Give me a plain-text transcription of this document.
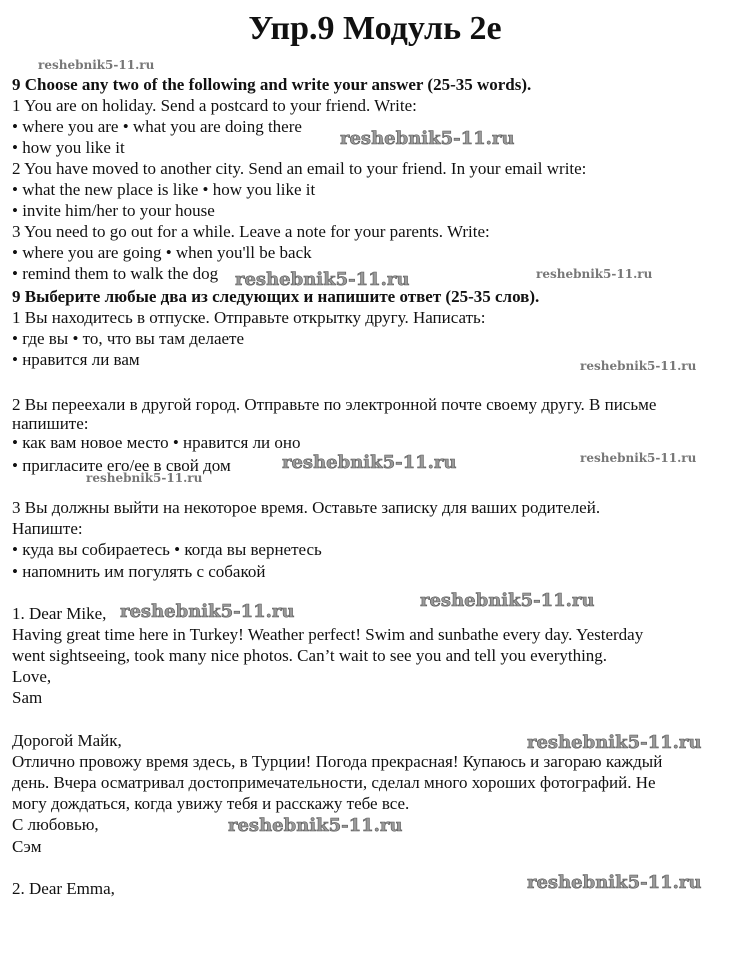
Упр.9 Модуль 2e
9 Choose any two of the following and write your answer (25-35 words).
1 You are on holiday. Send a postcard to your friend. Write:
• where you are • what you are doing there
• how you like it
2 You have moved to another city. Send an email to your friend. In your email write:
• what the new place is like • how you like it
• invite him/her to your house
3 You need to go out for a while. Leave a note for your parents. Write:
• where you are going • when you'll be back
• remind them to walk the dog
9 Выберите любые два из следующих и напишите ответ (25-35 слов).
1 Вы находитесь в отпуске. Отправьте открытку другу. Написать:
• где вы • то, что вы там делаете
• нравится ли вам
2 Вы переехали в другой город. Отправьте по электронной почте своему другу. В письме
напишите:
• как вам новое место • нравится ли оно
• пригласите его/ее в свой дом
3 Вы должны выйти на некоторое время. Оставьте записку для ваших родителей.
Напиште:
• куда вы собираетесь • когда вы вернетесь
• напомнить им погулять с собакой
1. Dear Mike,
Having great time here in Turkey! Weather perfect! Swim and sunbathe every day. Yesterday
went sightseeing, took many nice photos. Can’t wait to see you and tell you everything.
Love,
Sam
Дорогой Майк,
Отлично провожу время здесь, в Турции! Погода прекрасная! Купаюсь и загораю каждый
день. Вчера осматривал достопримечательности, сделал много хороших фотографий. Не
могу дождаться, когда увижу тебя и расскажу тебе все.
С любовью,
Сэм
2. Dear Emma,
reshebnik5-11.ru
reshebnik5-11.ru
reshebnik5-11.ru
reshebnik5-11.ru
reshebnik5-11.ru
reshebnik5-11.ru
reshebnik5-11.ru
reshebnik5-11.ru
reshebnik5-11.ru
reshebnik5-11.ru
reshebnik5-11.ru
reshebnik5-11.ru
reshebnik5-11.ru
